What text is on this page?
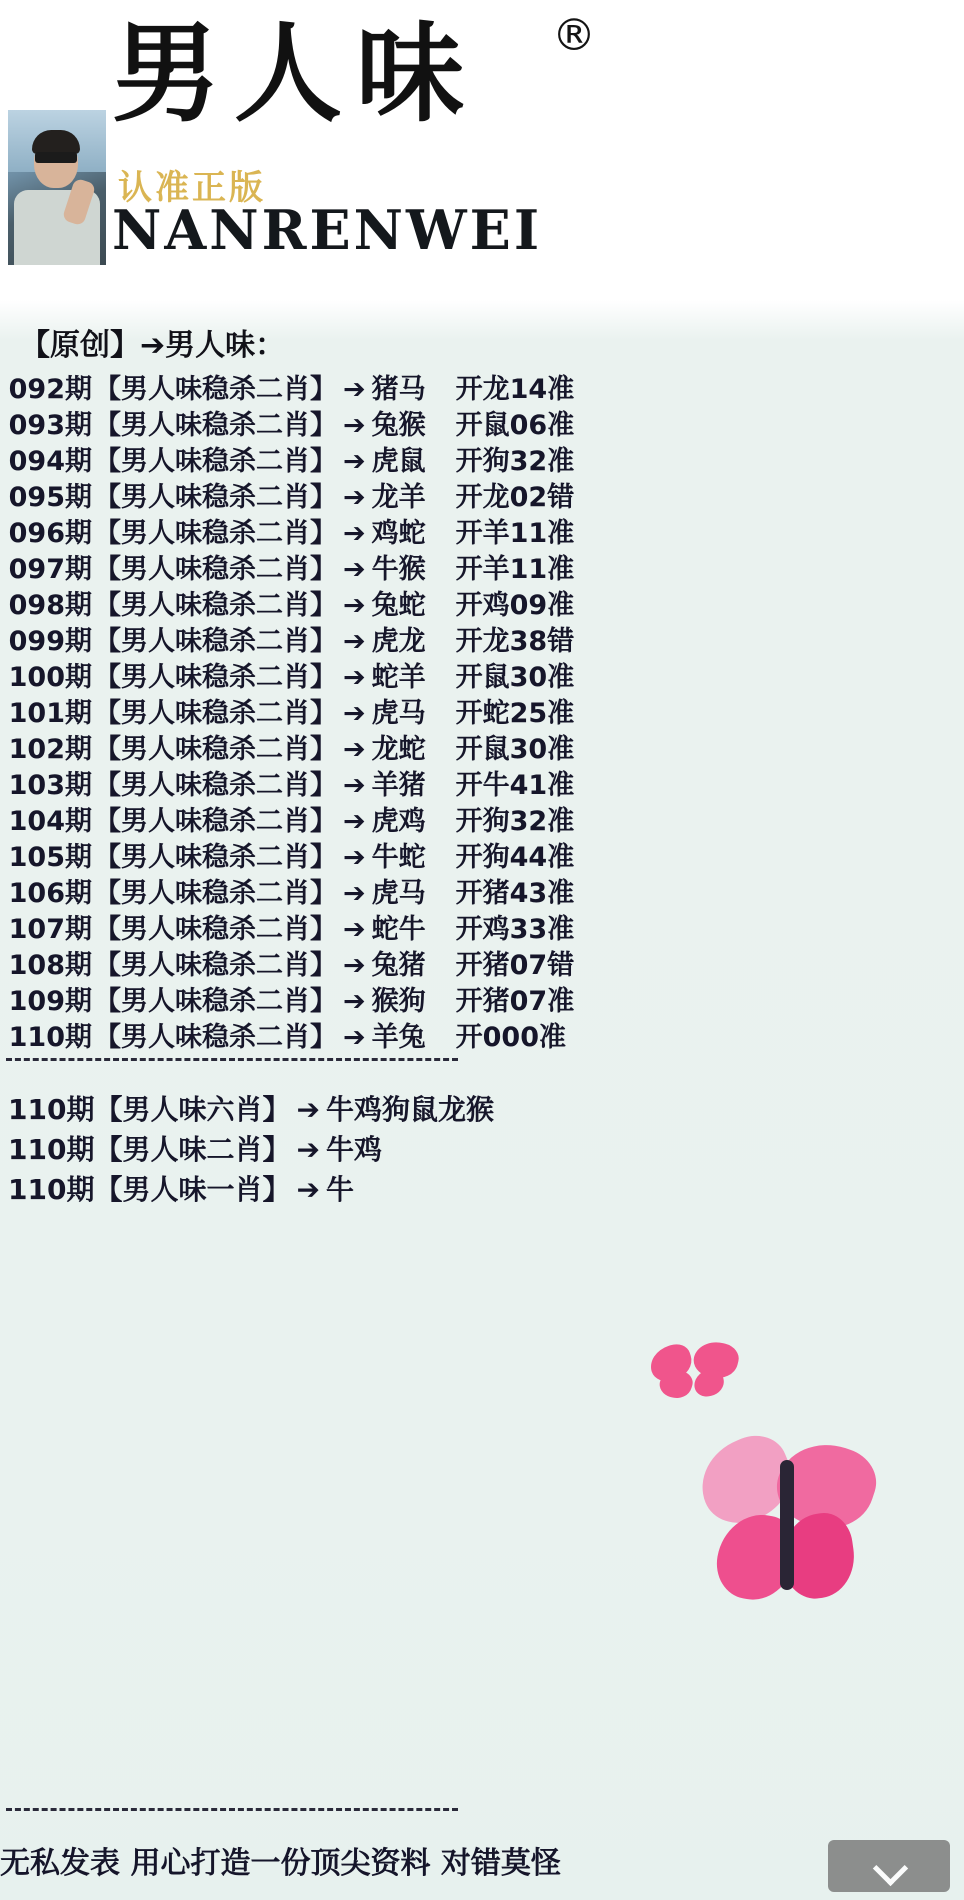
男人味 ®
认准正版
NANRENWEI
【原创】➔男人味：
092期【男人味稳杀二肖】 ➔ 猪马 开龙14准
093期【男人味稳杀二肖】 ➔ 兔猴 开鼠06准
094期【男人味稳杀二肖】 ➔ 虎鼠 开狗32准
095期【男人味稳杀二肖】 ➔ 龙羊 开龙02错
096期【男人味稳杀二肖】 ➔ 鸡蛇 开羊11准
097期【男人味稳杀二肖】 ➔ 牛猴 开羊11准
098期【男人味稳杀二肖】 ➔ 兔蛇 开鸡09准
099期【男人味稳杀二肖】 ➔ 虎龙 开龙38错
100期【男人味稳杀二肖】 ➔ 蛇羊 开鼠30准
101期【男人味稳杀二肖】 ➔ 虎马 开蛇25准
102期【男人味稳杀二肖】 ➔ 龙蛇 开鼠30准
103期【男人味稳杀二肖】 ➔ 羊猪 开牛41准
104期【男人味稳杀二肖】 ➔ 虎鸡 开狗32准
105期【男人味稳杀二肖】 ➔ 牛蛇 开狗44准
106期【男人味稳杀二肖】 ➔ 虎马 开猪43准
107期【男人味稳杀二肖】 ➔ 蛇牛 开鸡33准
108期【男人味稳杀二肖】 ➔ 兔猪 开猪07错
109期【男人味稳杀二肖】 ➔ 猴狗 开猪07准
110期【男人味稳杀二肖】 ➔ 羊兔 开000准
110期【男人味六肖】 ➔ 牛鸡狗鼠龙猴
110期【男人味二肖】 ➔ 牛鸡
110期【男人味一肖】 ➔ 牛
无私发表 用心打造一份顶尖资料 对错莫怪
